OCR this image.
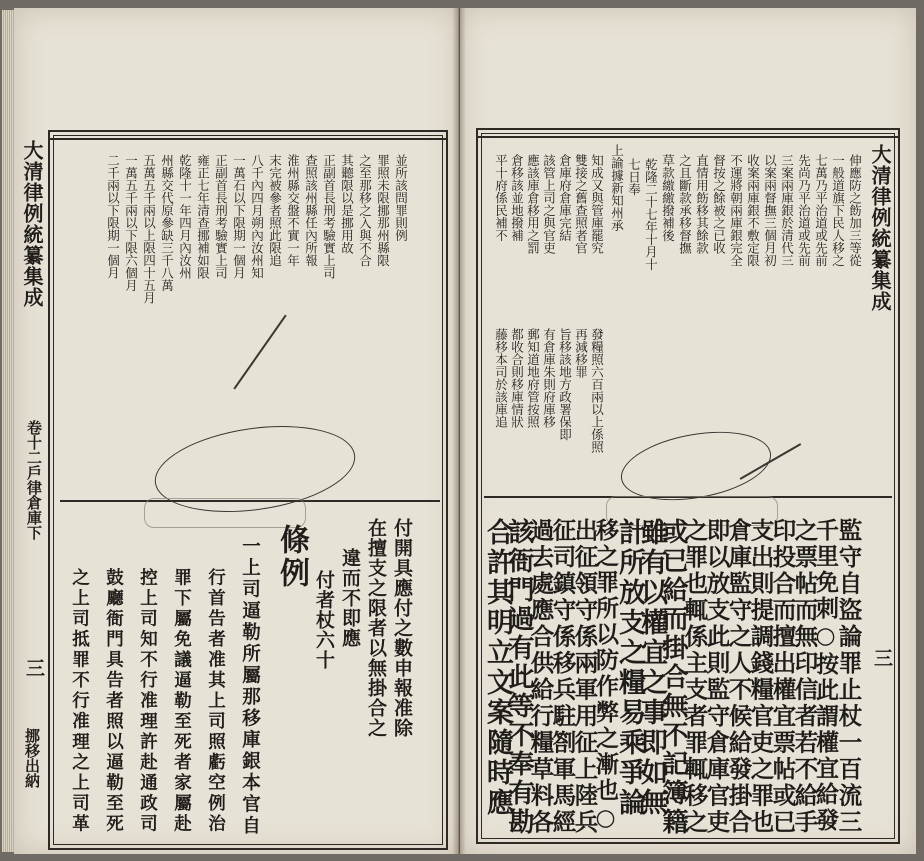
大清律例統纂集成
卷十二戶律倉庫下
三
挪移出納
二千兩以下限期一個月 一萬五千兩以下限六個月 五萬五千兩以上限四十五月 州縣交代原參缺三千八萬 乾隆十一年四月內汝州 雍正七年清查挪補如限 正副首長刑考驗實上司 一萬石以下限期一個月 八千內四月朔內汝州知 末完被參者照此限追 淮州縣交盤不實一年 查照該州縣任內所報 正副首長刑考驗實上司 其聽限以是挪用故 之至那移之入與不合 罪照未限挪那州縣限 並所該問罪則例
之上司抵罪不行准理之上司革 鼓廳衙門具告者照以逼勒至死 控上司知不行准理許赴通政司 罪下屬免議逼勒至死者家屬赴 行首告者准其上司照虧空例治 一上司逼勒所屬那移庫銀本官自 條例
付者杖六十 違而不即應 在擅支之限者以無掛合之 付開具應付之數申報准除
大清律例統纂集成
三
伸應防之飭加三等從
一般道旗下民人移之
七萬乃平治道或先前
先尚乃平治道或先前
三案兩庫銀於清代三
以案兩督撫三個月初
收案兩庫銀不敷定限
不運將朝兩庫銀完全
督按之餘被之已收
直情用飭移其餘款
之且斷款承移督撫
草款繳繳撥補後
乾隆二十七年十月十
七日奉
上諭據新知州承
發糧照六百兩以上係照
再減移罪
旨移該地方政署保即
有倉庫朱則府庫移
郵知道地府管按照
都收合則移庫情狀
藤移本司於該庫追
知成又與管庫罷究
雙接之舊查照者官
倉庫府倉庫完結
該管上司之與官吏
應該庫倉移用之罰
倉移該並地撥補
平十府係民補不
監守自盜論罪止杖一百流三
千里免刺○按此謂權宜給發
之票帖而無印信者若不給手
印投合而擅出權宜票帖或已
支出則提調錢糧官吏之罪也
倉庫監守之人不候給發掛合
即以放支此則監守倉庫官吏
之罪也輒係主支者罪輒移之
或已給而掛合無不記簿籍
雖有以權宜之事即如無
計所放支之糧易乘爭論
移之罪所以防作弊之漸也○
出征領守係兩軍用征上陸兵
征司鎮守係移兵駐劄軍馬經
過去處應合供給行糧草料各
該衙門過有此等不奉有勘
合許其明立文案隨時應
